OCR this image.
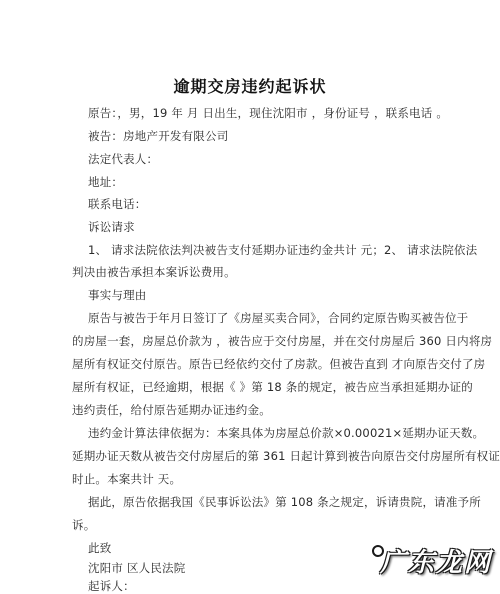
逾期交房违约起诉状
原告：，男，19 年 月 日出生，现住沈阳市 ，身份证号 ，联系电话 。
被告：房地产开发有限公司
法定代表人：
地址：
联系电话：
诉讼请求
1、 请求法院依法判决被告支付延期办证违约金共计 元；2、 请求法院依法
判决由被告承担本案诉讼费用。
事实与理由
原告与被告于年月日签订了《房屋买卖合同》，合同约定原告购买被告位于
的房屋一套，房屋总价款为 ，被告应于交付房屋，并在交付房屋后 360 日内将房
屋所有权证交付原告。原告已经依约交付了房款。但被告直到 才向原告交付了房
屋所有权证，已经逾期，根据《 》第 18 条的规定，被告应当承担延期办证的
违约责任，给付原告延期办证违约金。
违约金计算法律依据为：本案具体为房屋总价款×0.00021×延期办证天数。
延期办证天数从被告交付房屋后的第 361 日起计算到被告向原告交付房屋所有权证
时止。本案共计 天。
据此，原告依据我国《民事诉讼法》第 108 条之规定，诉请贵院，请准予所
诉。
此致
沈阳市 区人民法院
起诉人：
广东龙网
